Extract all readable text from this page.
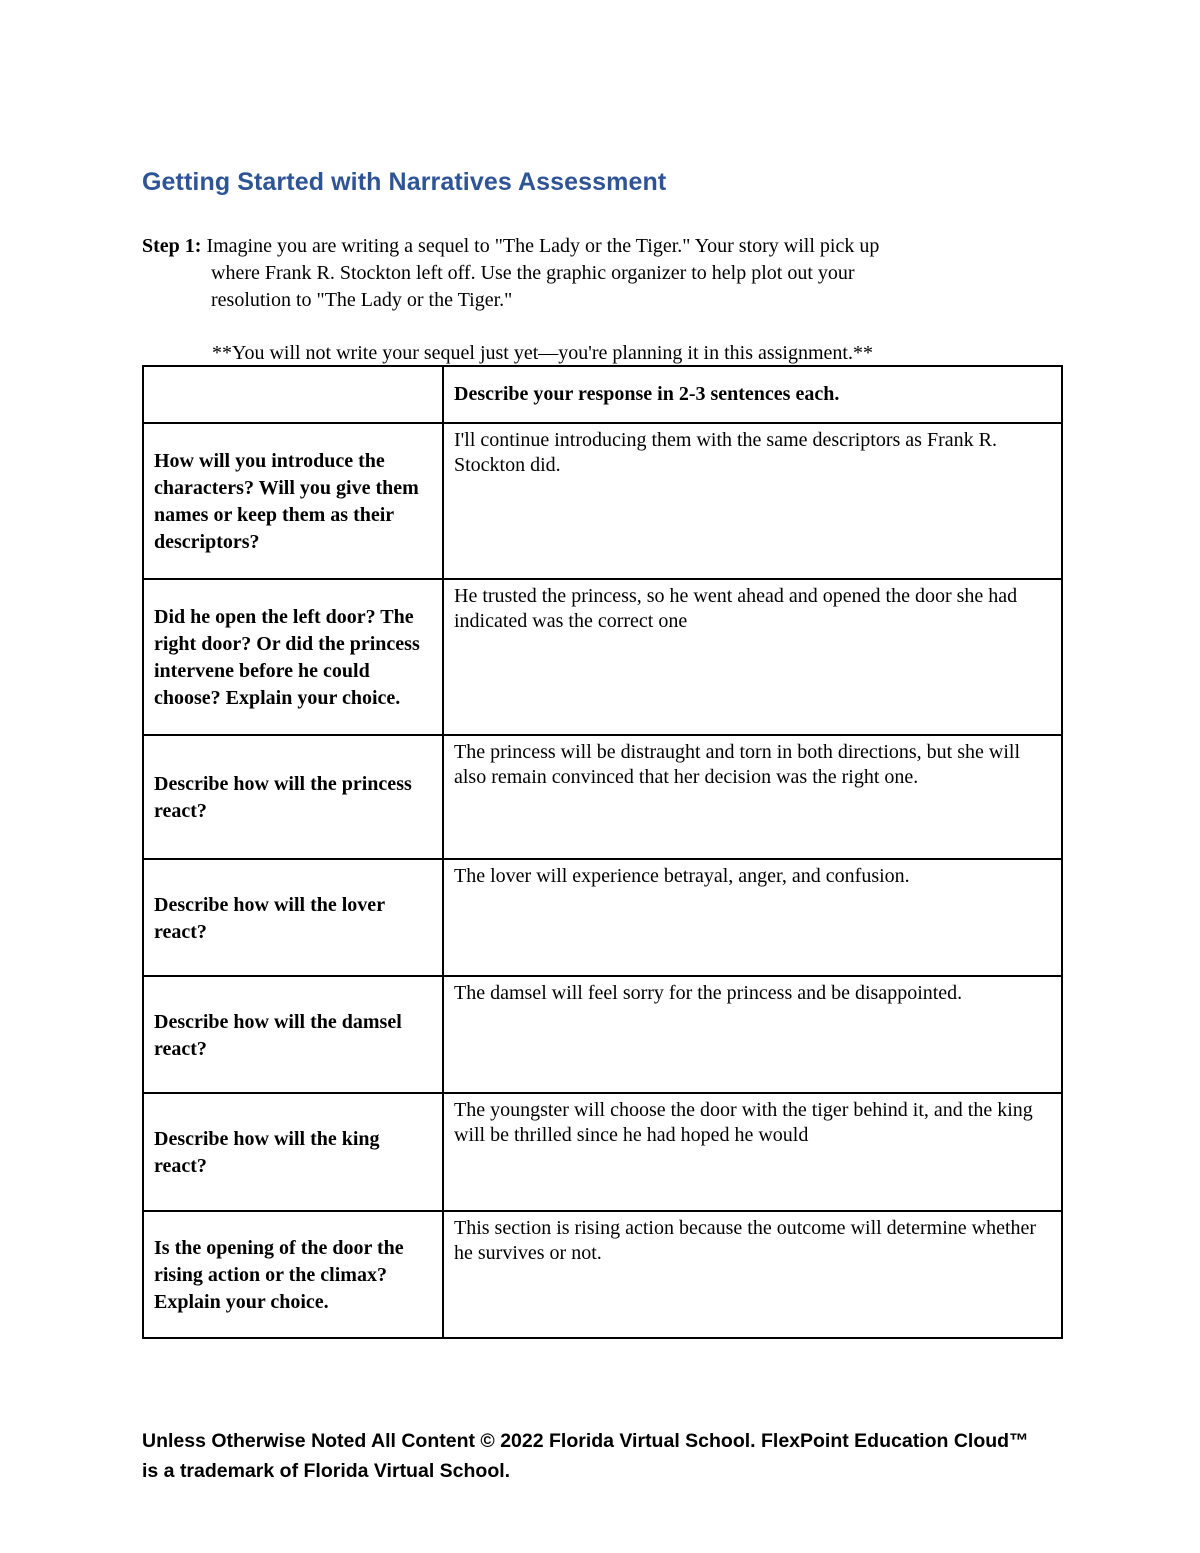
Getting Started with Narratives Assessment
Step 1: Imagine you are writing a sequel to "The Lady or the Tiger." Your story will pick up
where Frank R. Stockton left off. Use the graphic organizer to help plot out your
resolution to "The Lady or the Tiger."
**You will not write your sequel just yet—you're planning it in this assignment.**
	Describe your response in 2-3 sentences each.
How will you introduce the characters? Will you give them names or keep them as their descriptors?	I'll continue introducing them with the same descriptors as Frank R. Stockton did.
Did he open the left door? The right door? Or did the princess intervene before he could choose? Explain your choice.	He trusted the princess, so he went ahead and opened the door she had indicated was the correct one
Describe how will the princess react?	The princess will be distraught and torn in both directions, but she will also remain convinced that her decision was the right one.
Describe how will the lover react?	The lover will experience betrayal, anger, and confusion.
Describe how will the damsel react?	The damsel will feel sorry for the princess and be disappointed.
Describe how will the king react?	The youngster will choose the door with the tiger behind it, and the king will be thrilled since he had hoped he would
Is the opening of the door the rising action or the climax? Explain your choice.	This section is rising action because the outcome will determine whether he survives or not.
Unless Otherwise Noted All Content © 2022 Florida Virtual School. FlexPoint Education Cloud™
is a trademark of Florida Virtual School.
